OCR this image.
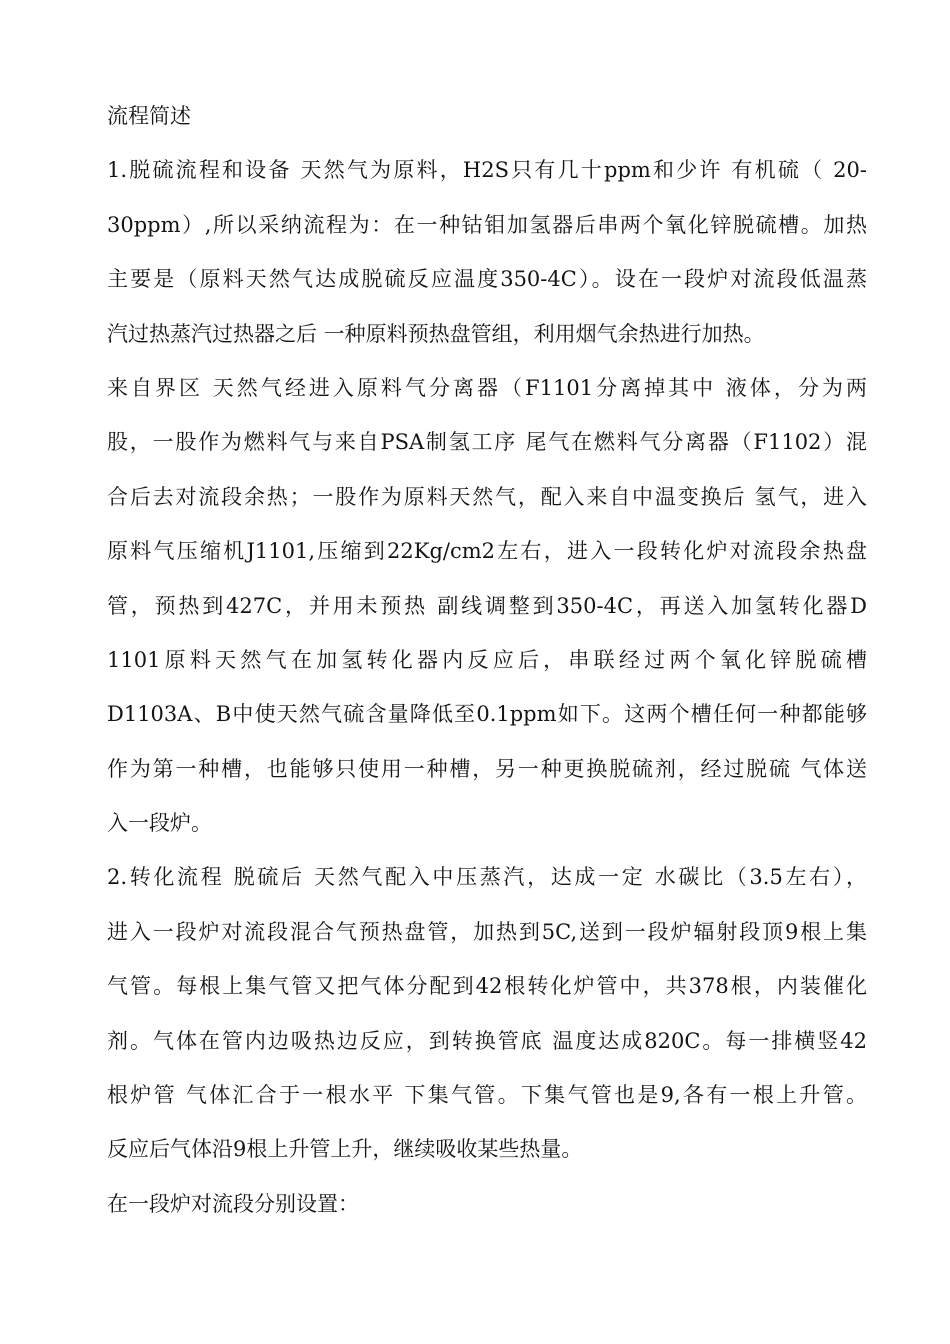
流程简述
1.脱硫流程和设备 天然气为原料，H2S只有几十ppm和少许 有机硫（ 20-
30ppm）,所以采纳流程为：在一种钴钼加氢器后串两个氧化锌脱硫槽。加热
主要是（原料天然气达成脱硫反应温度350-4C）。设在一段炉对流段低温蒸
汽过热蒸汽过热器之后 一种原料预热盘管组，利用烟气余热进行加热。
来自界区 天然气经进入原料气分离器（F1101分离掉其中 液体，分为两
股，一股作为燃料气与来自PSA制氢工序 尾气在燃料气分离器（F1102）混
合后去对流段余热；一股作为原料天然气，配入来自中温变换后 氢气，进入
原料气压缩机J1101,压缩到22Kg/cm2左右，进入一段转化炉对流段余热盘
管，预热到427C，并用未预热 副线调整到350-4C，再送入加氢转化器D
1101原料天然气在加氢转化器内反应后，串联经过两个氧化锌脱硫槽
D1103A、B中使天然气硫含量降低至0.1ppm如下。这两个槽任何一种都能够
作为第一种槽，也能够只使用一种槽，另一种更换脱硫剂，经过脱硫 气体送
入一段炉。
2.转化流程 脱硫后 天然气配入中压蒸汽，达成一定 水碳比（3.5左右），
进入一段炉对流段混合气预热盘管，加热到5C,送到一段炉辐射段顶9根上集
气管。每根上集气管又把气体分配到42根转化炉管中，共378根，内装催化
剂。气体在管内边吸热边反应，到转换管底 温度达成820C。每一排横竖42
根炉管 气体汇合于一根水平 下集气管。下集气管也是9,各有一根上升管。
反应后气体沿9根上升管上升，继续吸收某些热量。
在一段炉对流段分别设置：
